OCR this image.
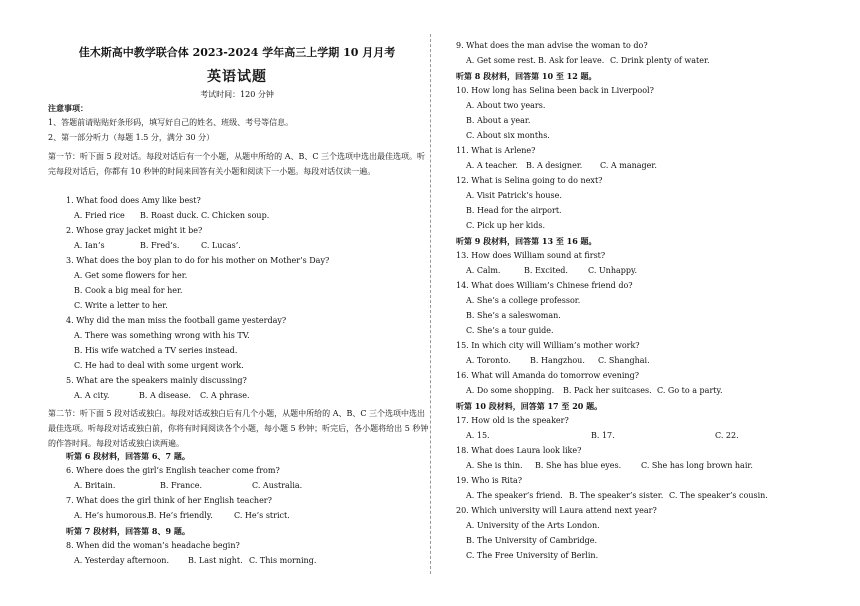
佳木斯高中教学联合体 2023-2024 学年高三上学期 10 月月考
英语试题
考试时间：120 分钟
注意事项：
1、答题前请贴贴好条形码，填写好自己的姓名、班级、考号等信息。
2、第一部分听力（每题 1.5 分，满分 30 分）
第一节：听下面 5 段对话。每段对话后有一个小题，从题中所给的 A、B、C 三个选项中选出最佳选项。听完每段对话后，你都有 10 秒钟的时间来回答有关小题和阅读下一小题。每段对话仅读一遍。
1. What food does Amy like best?
A. Fried rice B. Roast duck. C. Chicken soup.
2. Whose gray jacket might it be?
A. Ian’s	B. Fred’s.	C. Lucas’.
3. What does the boy plan to do for his mother on Mother’s Day?
A. Get some flowers for her.
B. Cook a big meal for her.
C. Write a letter to her.
4. Why did the man miss the football game yesterday?
A. There was something wrong with his TV.
B. His wife watched a TV series instead.
C. He had to deal with some urgent work.
5. What are the speakers mainly discussing?
A. A city.	B. A disease. C. A phrase.
第二节：听下面 5 段对话或独白。每段对话或独白后有几个小题，从题中所给的 A、B、C 三个选项中选出最佳选项。听每段对话或独白前，你将有时间阅读各个小题，每小题 5 秒钟；听完后，各小题将给出 5 秒钟的作答时间。每段对话或独白读两遍。
听第 6 段材料，回答第 6、7 题。
6. Where does the girl’s English teacher come from?
A. Britain.	B. France.	C. Australia.
7. What does the girl think of her English teacher?
A. He’s humorous.B. He’s friendly.	C. He’s strict.
听第 7 段材料，回答第 8、9 题。
8. When did the woman’s headache begin?
A. Yesterday afternoon. B. Last night. C. This morning.
9. What does the man advise the woman to do?
A. Get some rest. B. Ask for leave. C. Drink plenty of water.
听第 8 段材料，回答第 10 至 12 题。
10. How long has Selina been back in Liverpool?
A. About two years.
B. About a year.
C. About six months.
11. What is Arlene?
A. A teacher. B. A designer. C. A manager.
12. What is Selina going to do next?
A. Visit Patrick’s house.
B. Head for the airport.
C. Pick up her kids.
听第 9 段材料，回答第 13 至 16 题。
13. How does William sound at first?
A. Calm.	B. Excited.	C. Unhappy.
14. What does William’s Chinese friend do?
A. She’s a college professor.
B. She’s a saleswoman.
C. She’s a tour guide.
15. In which city will William’s mother work?
A. Toronto. B. Hangzhou. C. Shanghai.
16. What will Amanda do tomorrow evening?
A. Do some shopping. B. Pack her suitcases. C. Go to a party.
听第 10 段材料，回答第 17 至 20 题。
17. How old is the speaker?
A. 15.	B. 17.	C. 22.
18. What does Laura look like?
A. She is thin. B. She has blue eyes. C. She has long brown hair.
19. Who is Rita?
A. The speaker’s friend. B. The speaker’s sister. C. The speaker’s cousin.
20. Which university will Laura attend next year?
A. University of the Arts London.
B. The University of Cambridge.
C. The Free University of Berlin.
